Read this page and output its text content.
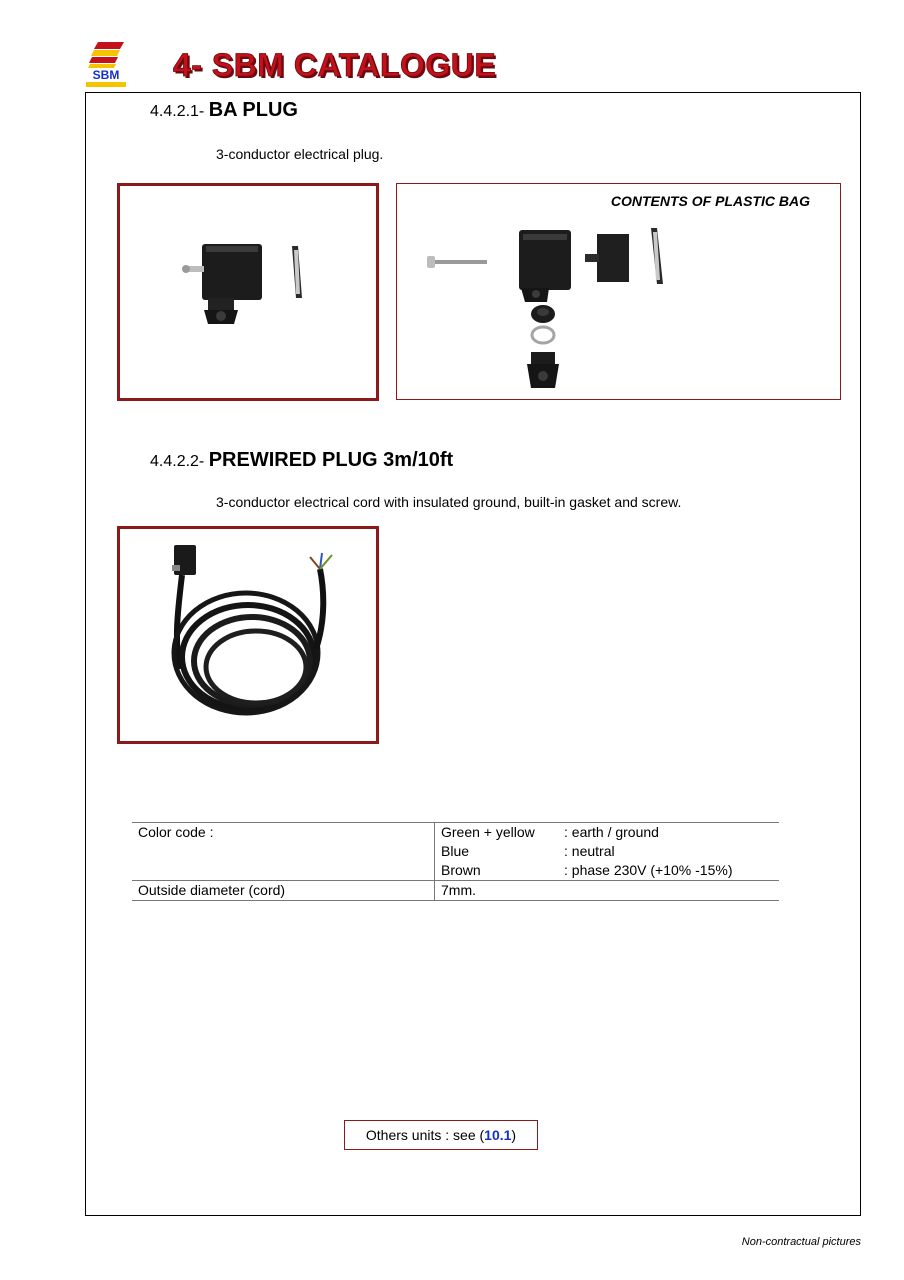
SBM 4- SBM CATALOGUE
4.4.2.1- BA PLUG
3-conductor electrical plug.
CONTENTS OF PLASTIC BAG
4.4.2.2- PREWIRED PLUG 3m/10ft
3-conductor electrical cord with insulated ground, built-in gasket and screw.
Color code :		Green + yellow	: earth / ground
Blue	: neutral
Brown	: phase 230V (+10% -15%)

Outside diameter (cord)	7mm.
Others units : see ( 10.1 )
Non-contractual pictures
